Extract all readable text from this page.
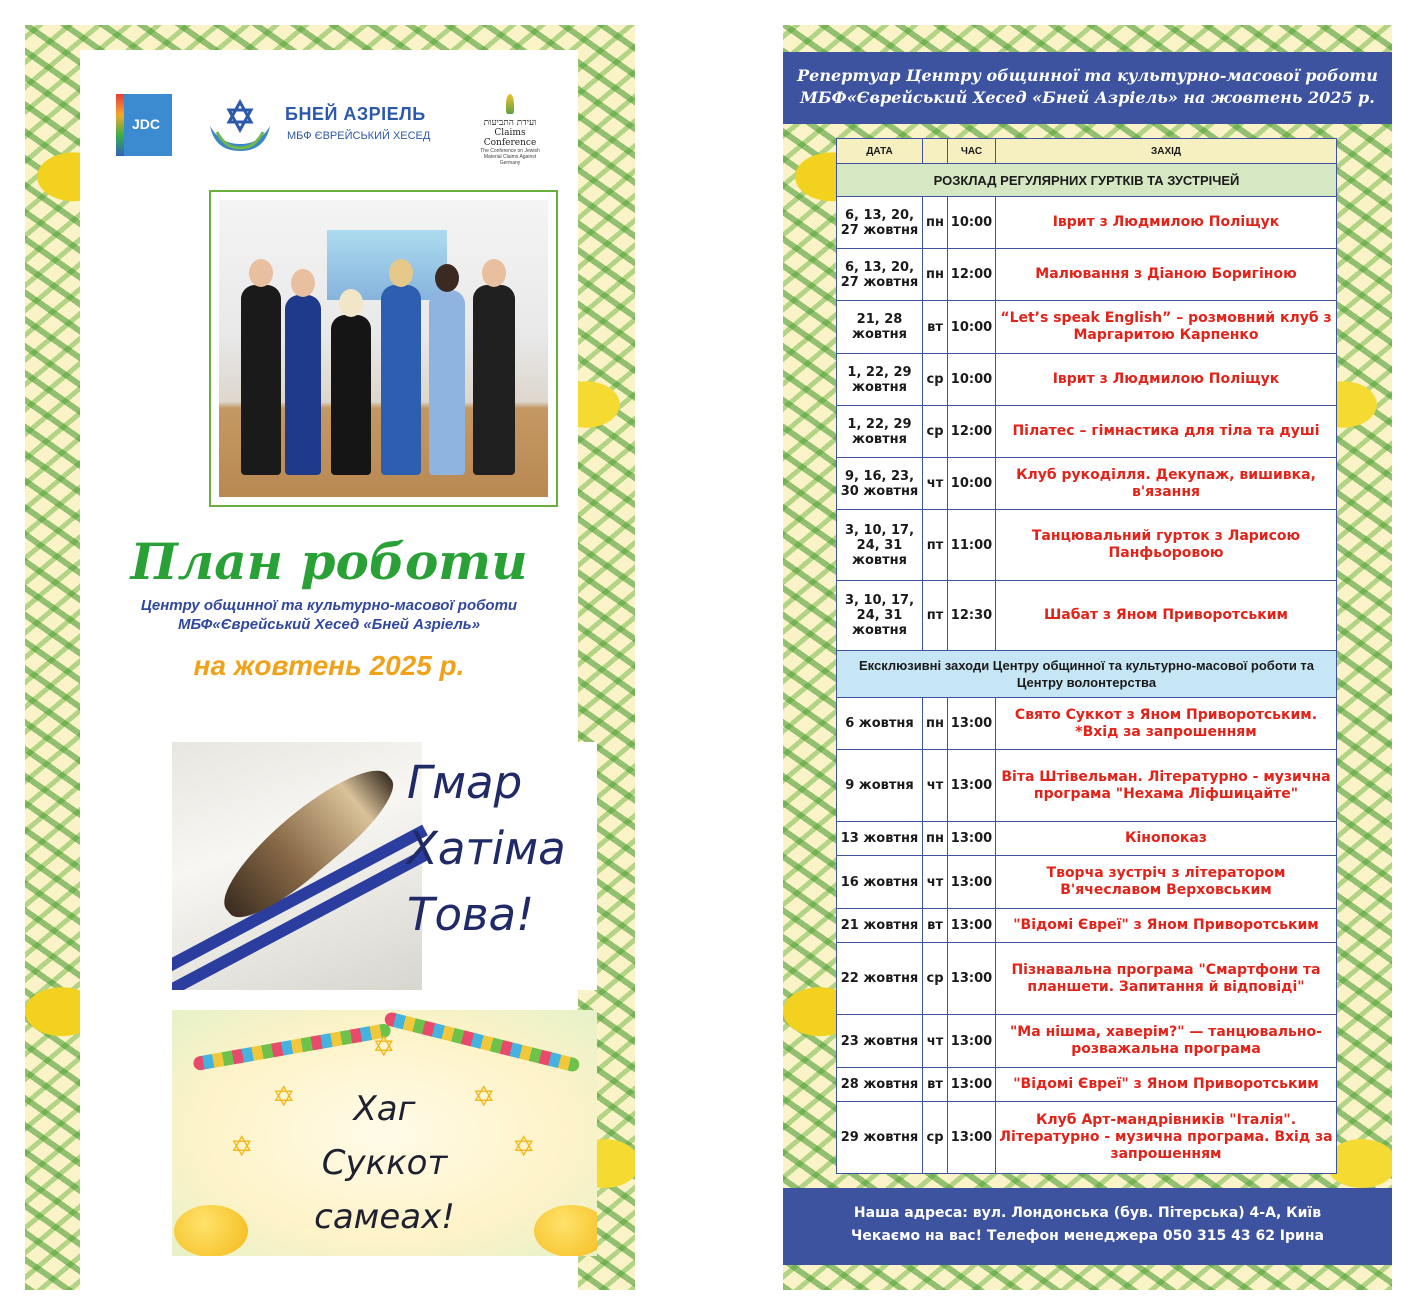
JDC	БНЕЙ АЗРІЕЛЬ
МБФ ЄВРЕЙСЬКИЙ ХЕСЕД
ועידת התביעות
Claims Conference
The Conference on Jewish Material Claims Against Germany
План роботи
Центру общинної та культурно-масової роботи
МБФ«Єврейський Хесед «Бней Азріель»
на жовтень 2025 р.
Гмар
Хатіма
Това!
✡
✡	✡
✡	✡
Хаг
Суккот
самеах!
Репертуар Центру общинної та культурно-масової роботи
МБФ«Єврейський Хесед «Бней Азріель» на жовтень 2025 р.
Наша адреса: вул. Лондонська (був. Пітерська) 4-А, Київ
Чекаємо на вас! Телефон менеджера 050 315 43 62 Ірина
ДАТА		ЧАС	ЗАХІД
РОЗКЛАД РЕГУЛЯРНИХ ГУРТКІВ ТА ЗУСТРІЧЕЙ			
6, 13, 20, 27 жовтня	пн	10:00	Іврит з Людмилою Поліщук
6, 13, 20, 27 жовтня	пн	12:00	Малювання з Діаною Боригіною
21, 28 жовтня	вт	10:00	“Let’s speak English” – розмовний клуб з Маргаритою Карпенко
1, 22, 29 жовтня	ср	10:00	Іврит з Людмилою Поліщук
1, 22, 29 жовтня	ср	12:00	Пілатес – гімнастика для тіла та душі
9, 16, 23, 30 жовтня	чт	10:00	Клуб рукоділля. Декупаж, вишивка, в'язання
3, 10, 17, 24, 31 жовтня	пт	11:00	Танцювальний гурток з Ларисою Панфьоровою
3, 10, 17, 24, 31 жовтня	пт	12:30	Шабат з Яном Приворотським
Ексклюзивні заходи Центру общинної та культурно-масової роботи та Центру волонтерства			
6 жовтня	пн	13:00	Свято Суккот з Яном Приворотським. *Вхід за запрошенням
9 жовтня	чт	13:00	Віта Штівельман. Літературно - музична програма "Нехама Ліфшицайте"
13 жовтня	пн	13:00	Кінопоказ
16 жовтня	чт	13:00	Творча зустріч з літератором В'ячеславом Верховським
21 жовтня	вт	13:00	"Відомі Євреї" з Яном Приворотським
22 жовтня	ср	13:00	Пізнавальна програма "Смартфони та планшети. Запитання й відповіді"
23 жовтня	чт	13:00	"Ма нішма, хаверім?" — танцювально-розважальна програма
28 жовтня	вт	13:00	"Відомі Євреї" з Яном Приворотським
29 жовтня	ср	13:00	Клуб Арт-мандрівників "Італія". Літературно - музична програма. Вхід за запрошенням
